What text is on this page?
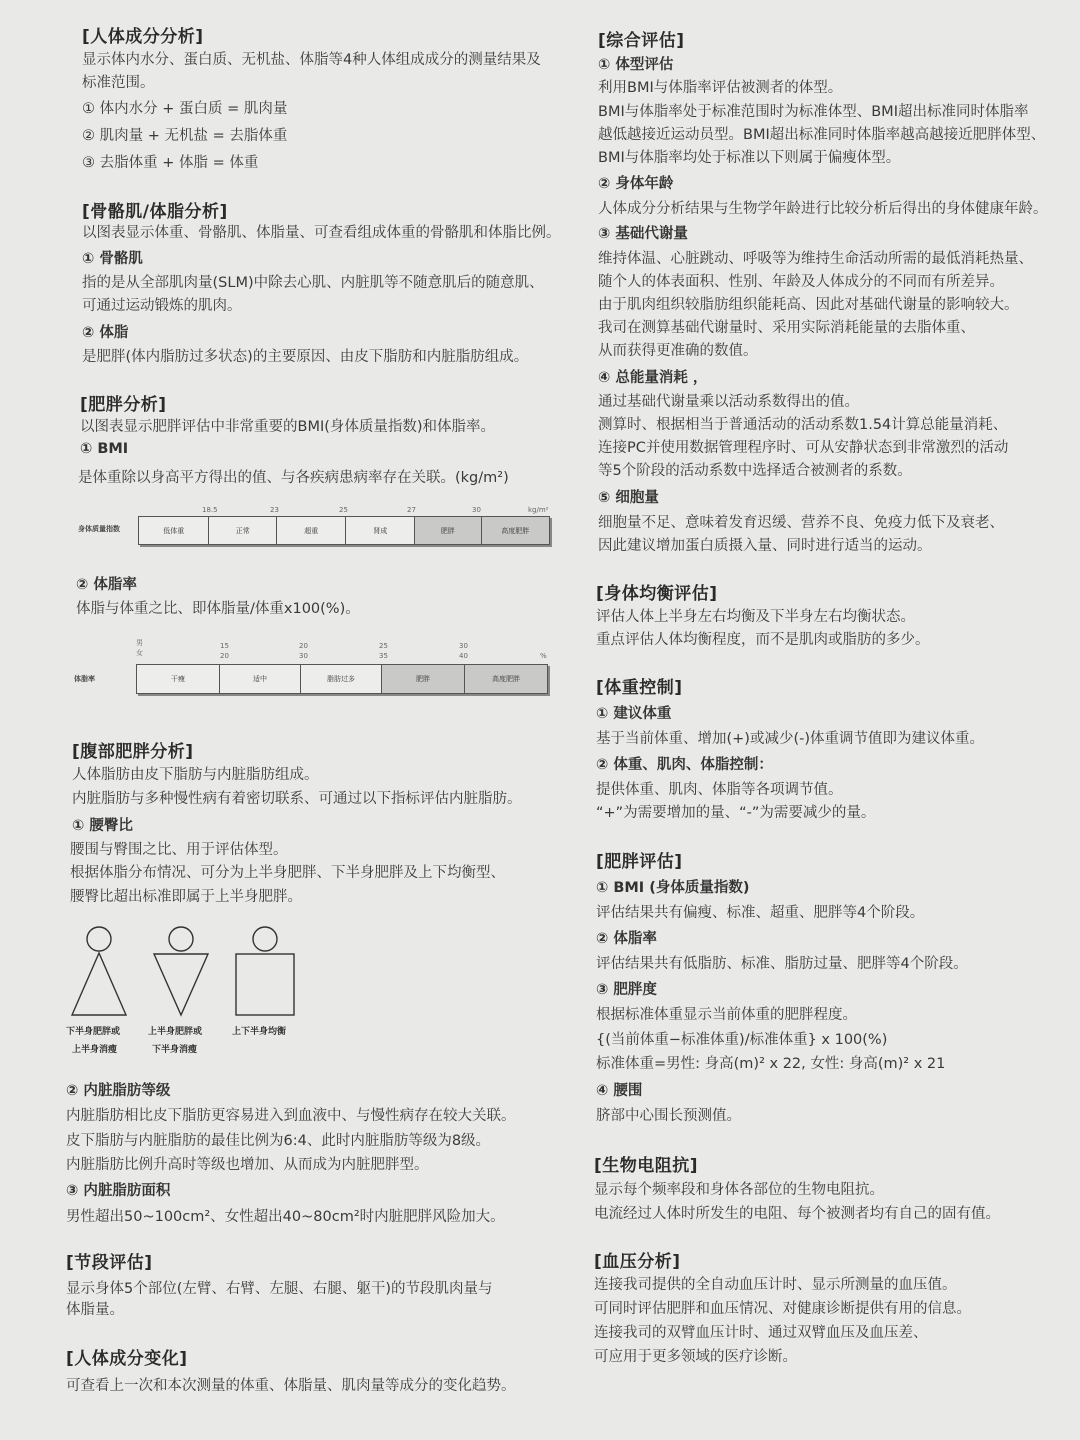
[人体成分分析]
显示体内水分、蛋白质、无机盐、体脂等4种人体组成成分的测量结果及
标准范围。
① 体内水分 + 蛋白质 = 肌肉量
② 肌肉量 + 无机盐 = 去脂体重
③ 去脂体重 + 体脂 = 体重
[骨骼肌/体脂分析]
以图表显示体重、骨骼肌、体脂量、可查看组成体重的骨骼肌和体脂比例。
① 骨骼肌
指的是从全部肌肉量(SLM)中除去心肌、内脏肌等不随意肌后的随意肌、
可通过运动锻炼的肌肉。
② 体脂
是肥胖(体内脂肪过多状态)的主要原因、由皮下脂肪和内脏脂肪组成。
[肥胖分析]
以图表显示肥胖评估中非常重要的BMI(身体质量指数)和体脂率。
① BMI
是体重除以身高平方得出的值、与各疾病患病率存在关联。(kg/m²)
身体质量指数
18.5	23	25	27	30	kg/m²
低体重	正常	超重	肾成	肥胖	高度肥胖
② 体脂率
体脂与体重之比、即体脂量/体重x100(%)。
男
女
15
20
20
30
25
35
30
40	%
体脂率	干瘦	适中	脂肪过多	肥胖	高度肥胖
[腹部肥胖分析]
人体脂肪由皮下脂肪与内脏脂肪组成。
内脏脂肪与多种慢性病有着密切联系、可通过以下指标评估内脏脂肪。
① 腰臀比
腰围与臀围之比、用于评估体型。
根据体脂分布情况、可分为上半身肥胖、下半身肥胖及上下均衡型、
腰臀比超出标准即属于上半身肥胖。
下半身肥胖或
上半身消瘦
上半身肥胖或
下半身消瘦
上下半身均衡
② 内脏脂肪等级
内脏脂肪相比皮下脂肪更容易进入到血液中、与慢性病存在较大关联。
皮下脂肪与内脏脂肪的最佳比例为6:4、此时内脏脂肪等级为8级。
内脏脂肪比例升高时等级也增加、从而成为内脏肥胖型。
③ 内脏脂肪面积
男性超出50~100cm²、女性超出40~80cm²时内脏肥胖风险加大。
[节段评估]
显示身体5个部位(左臂、右臂、左腿、右腿、躯干)的节段肌肉量与
体脂量。
[人体成分变化]
可查看上一次和本次测量的体重、体脂量、肌肉量等成分的变化趋势。
[综合评估]
① 体型评估
利用BMI与体脂率评估被测者的体型。
BMI与体脂率处于标准范围时为标准体型、BMI超出标准同时体脂率
越低越接近运动员型。BMI超出标准同时体脂率越高越接近肥胖体型、
BMI与体脂率均处于标准以下则属于偏瘦体型。
② 身体年龄
人体成分分析结果与生物学年龄进行比较分析后得出的身体健康年龄。
③ 基础代谢量
维持体温、心脏跳动、呼吸等为维持生命活动所需的最低消耗热量、
随个人的体表面积、性别、年龄及人体成分的不同而有所差异。
由于肌肉组织较脂肪组织能耗高、因此对基础代谢量的影响较大。
我司在测算基础代谢量时、采用实际消耗能量的去脂体重、
从而获得更准确的数值。
④ 总能量消耗 ，
通过基础代谢量乘以活动系数得出的值。
测算时、根据相当于普通活动的活动系数1.54计算总能量消耗、
连接PC并使用数据管理程序时、可从安静状态到非常激烈的活动
等5个阶段的活动系数中选择适合被测者的系数。
⑤ 细胞量
细胞量不足、意味着发育迟缓、营养不良、免疫力低下及衰老、
因此建议增加蛋白质摄入量、同时进行适当的运动。
[身体均衡评估]
评估人体上半身左右均衡及下半身左右均衡状态。
重点评估人体均衡程度，而不是肌肉或脂肪的多少。
[体重控制]
① 建议体重
基于当前体重、增加(+)或减少(-)体重调节值即为建议体重。
② 体重、肌肉、体脂控制：
提供体重、肌肉、体脂等各项调节值。
“+”为需要增加的量、“-”为需要减少的量。
[肥胖评估]
① BMI (身体质量指数)
评估结果共有偏瘦、标准、超重、肥胖等4个阶段。
② 体脂率
评估结果共有低脂肪、标准、脂肪过量、肥胖等4个阶段。
③ 肥胖度
根据标准体重显示当前体重的肥胖程度。
{(当前体重−标准体重)/标准体重} x 100(%)
标准体重=男性: 身高(m)² x 22, 女性: 身高(m)² x 21
④ 腰围
脐部中心围长预测值。
[生物电阻抗]
显示每个频率段和身体各部位的生物电阻抗。
电流经过人体时所发生的电阻、每个被测者均有自己的固有值。
[血压分析]
连接我司提供的全自动血压计时、显示所测量的血压值。
可同时评估肥胖和血压情况、对健康诊断提供有用的信息。
连接我司的双臂血压计时、通过双臂血压及血压差、
可应用于更多领域的医疗诊断。
